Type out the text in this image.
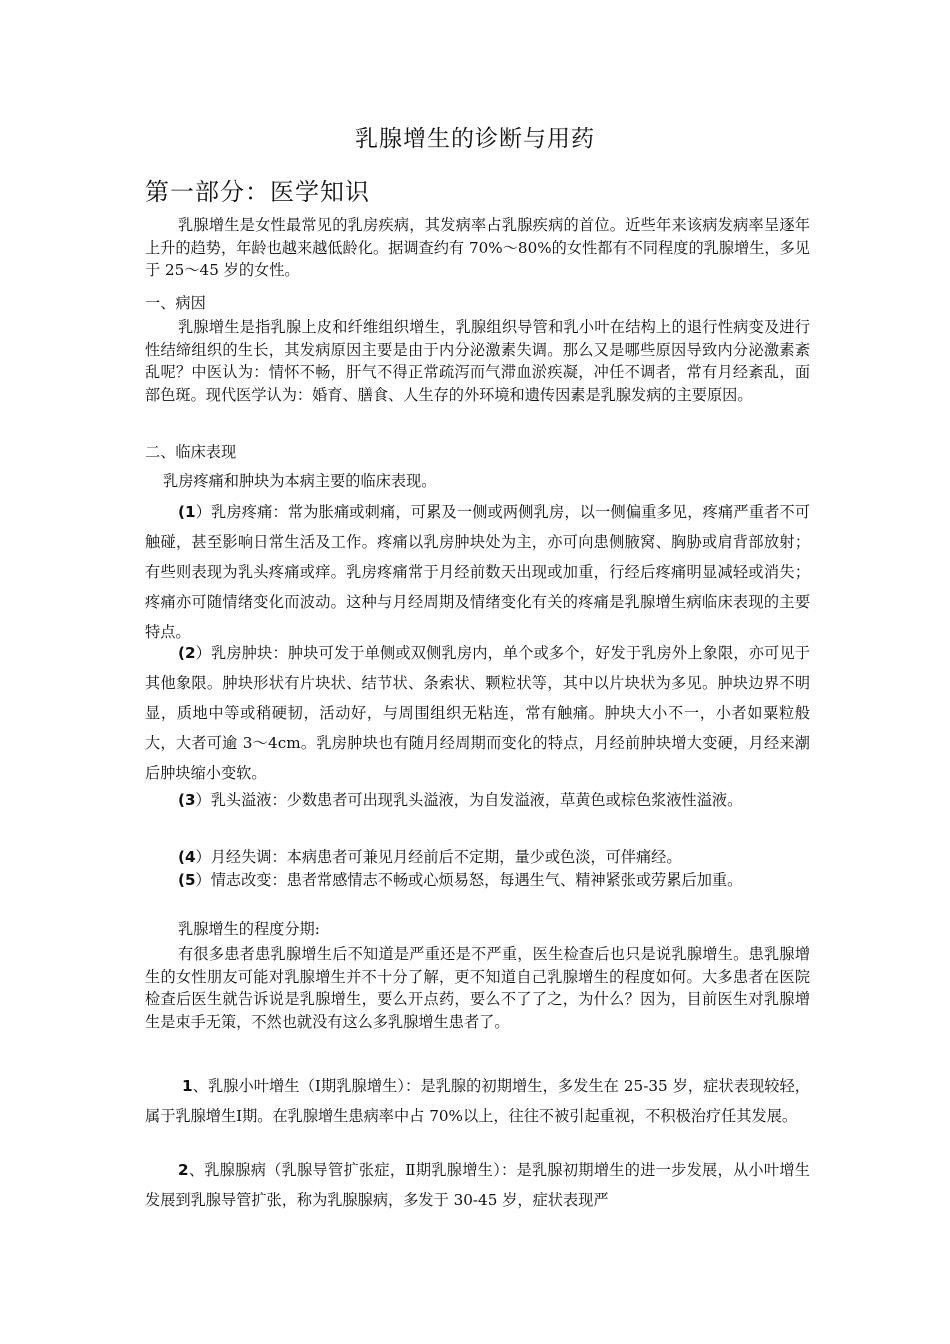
乳腺增生的诊断与用药
第一部分：医学知识
乳腺增生是女性最常见的乳房疾病，其发病率占乳腺疾病的首位。近些年来该病发病率呈逐年上升的趋势，年龄也越来越低龄化。据调查约有 70%～80%的女性都有不同程度的乳腺增生，多见于 25～45 岁的女性。
一、病因
乳腺增生是指乳腺上皮和纤维组织增生，乳腺组织导管和乳小叶在结构上的退行性病变及进行性结缔组织的生长，其发病原因主要是由于内分泌激素失调。那么又是哪些原因导致内分泌激素紊乱呢？中医认为：情怀不畅，肝气不得正常疏泻而气滞血淤疾凝，冲任不调者，常有月经紊乱，面部色斑。现代医学认为：婚育、膳食、人生存的外环境和遗传因素是乳腺发病的主要原因。
二、临床表现
乳房疼痛和肿块为本病主要的临床表现。
(1）乳房疼痛：常为胀痛或刺痛，可累及一侧或两侧乳房，以一侧偏重多见，疼痛严重者不可触碰，甚至影响日常生活及工作。疼痛以乳房肿块处为主，亦可向患侧腋窝、胸胁或肩背部放射；有些则表现为乳头疼痛或痒。乳房疼痛常于月经前数天出现或加重，行经后疼痛明显减轻或消失；疼痛亦可随情绪变化而波动。这种与月经周期及情绪变化有关的疼痛是乳腺增生病临床表现的主要特点。
(2）乳房肿块：肿块可发于单侧或双侧乳房内，单个或多个，好发于乳房外上象限，亦可见于其他象限。肿块形状有片块状、结节状、条索状、颗粒状等，其中以片块状为多见。肿块边界不明显，质地中等或稍硬韧，活动好，与周围组织无粘连，常有触痛。肿块大小不一，小者如粟粒般大，大者可逾 3～4cm。乳房肿块也有随月经周期而变化的特点，月经前肿块增大变硬，月经来潮后肿块缩小变软。
(3）乳头溢液：少数患者可出现乳头溢液，为自发溢液，草黄色或棕色浆液性溢液。
(4）月经失调：本病患者可兼见月经前后不定期，量少或色淡，可伴痛经。
(5）情志改变：患者常感情志不畅或心烦易怒，每遇生气、精神紧张或劳累后加重。
乳腺增生的程度分期:
有很多患者患乳腺增生后不知道是严重还是不严重，医生检查后也只是说乳腺增生。患乳腺增生的女性朋友可能对乳腺增生并不十分了解，更不知道自己乳腺增生的程度如何。大多患者在医院检查后医生就告诉说是乳腺增生，要么开点药，要么不了了之，为什么？因为，目前医生对乳腺增生是束手无策，不然也就没有这么多乳腺增生患者了。
1、乳腺小叶增生（Ⅰ期乳腺增生）：是乳腺的初期增生，多发生在 25-35 岁，症状表现较轻，属于乳腺增生Ⅰ期。在乳腺增生患病率中占 70%以上，往往不被引起重视，不积极治疗任其发展。
2、乳腺腺病（乳腺导管扩张症，Ⅱ期乳腺增生）：是乳腺初期增生的进一步发展，从小叶增生发展到乳腺导管扩张，称为乳腺腺病，多发于 30-45 岁，症状表现严
